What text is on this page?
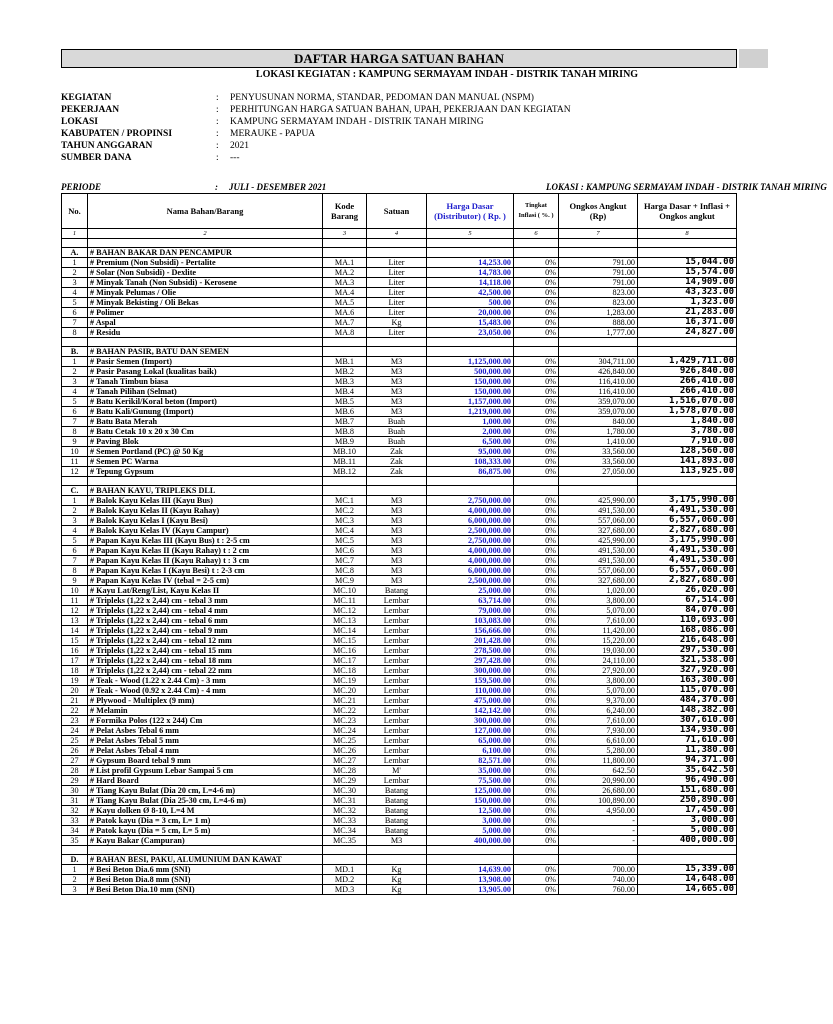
DAFTAR HARGA SATUAN BAHAN
LOKASI KEGIATAN : KAMPUNG SERMAYAM INDAH - DISTRIK TANAH MIRING
KEGIATAN	:	PENYUSUNAN NORMA, STANDAR, PEDOMAN DAN MANUAL (NSPM)
PEKERJAAN	:	PERHITUNGAN HARGA SATUAN BAHAN, UPAH, PEKERJAAN DAN KEGIATAN
LOKASI	:	KAMPUNG SERMAYAM INDAH - DISTRIK TANAH MIRING
KABUPATEN / PROPINSI	:	MERAUKE - PAPUA
TAHUN ANGGARAN	:	2021
SUMBER DANA	:	---
PERIODE	: JULI - DESEMBER 2021	LOKASI : KAMPUNG SERMAYAM INDAH - DISTRIK TANAH MIRING
No.	Nama Bahan/Barang	Kode Barang	Satuan	Harga Dasar (Distributor) ( Rp. )	Tingkat Inflasi ( %. )	Ongkos Angkut (Rp)	Harga Dasar + Inflasi + Ongkos angkut
1	2	3	4	5	6	7	8

A.	# BAHAN BAKAR DAN PENCAMPUR						
1	# Premium (Non Subsidi) - Pertalite	MA.1	Liter	14,253.00	0%	791.00	15,044.00
2	# Solar (Non Subsidi) - Dexlite	MA.2	Liter	14,783.00	0%	791.00	15,574.00
3	# Minyak Tanah (Non Subsidi) - Kerosene	MA.3	Liter	14,118.00	0%	791.00	14,909.00
4	# Minyak Pelumas / Olie	MA.4	Liter	42,500.00	0%	823.00	43,323.00
5	# Minyak Bekisting / Oli Bekas	MA.5	Liter	500.00	0%	823.00	1,323.00
6	# Polimer	MA.6	Liter	20,000.00	0%	1,283.00	21,283.00
7	# Aspal	MA.7	Kg	15,483.00	0%	888.00	16,371.00
8	# Residu	MA.8	Liter	23,050.00	0%	1,777.00	24,827.00

B.	# BAHAN PASIR, BATU DAN SEMEN						
1	# Pasir Semen (Import)	MB.1	M3	1,125,000.00	0%	304,711.00	1,429,711.00
2	# Pasir Pasang Lokal (kualitas baik)	MB.2	M3	500,000.00	0%	426,840.00	926,840.00
3	# Tanah Timbun biasa	MB.3	M3	150,000.00	0%	116,410.00	266,410.00
4	# Tanah Pilihan (Selmat)	MB.4	M3	150,000.00	0%	116,410.00	266,410.00
5	# Batu Kerikil/Koral beton (Import)	MB.5	M3	1,157,000.00	0%	359,070.00	1,516,070.00
6	# Batu Kali/Gunung (Import)	MB.6	M3	1,219,000.00	0%	359,070.00	1,578,070.00
7	# Batu Bata Merah	MB.7	Buah	1,000.00	0%	840.00	1,840.00
8	# Batu Cetak 10 x 20 x 30 Cm	MB.8	Buah	2,000.00	0%	1,780.00	3,780.00
9	# Paving Blok	MB.9	Buah	6,500.00	0%	1,410.00	7,910.00
10	# Semen Portland (PC) @ 50 Kg	MB.10	Zak	95,000.00	0%	33,560.00	128,560.00
11	# Semen PC Warna	MB.11	Zak	108,333.00	0%	33,560.00	141,893.00
12	# Tepung Gypsum	MB.12	Zak	86,875.00	0%	27,050.00	113,925.00

C.	# BAHAN KAYU, TRIPLEKS DLL						
1	# Balok Kayu Kelas III (Kayu Bus)	MC.1	M3	2,750,000.00	0%	425,990.00	3,175,990.00
2	# Balok Kayu Kelas II (Kayu Rahay)	MC.2	M3	4,000,000.00	0%	491,530.00	4,491,530.00
3	# Balok Kayu Kelas I (Kayu Besi)	MC.3	M3	6,000,000.00	0%	557,060.00	6,557,060.00
4	# Balok Kayu Kelas IV (Kayu Campur)	MC.4	M3	2,500,000.00	0%	327,680.00	2,827,680.00
5	# Papan Kayu Kelas III (Kayu Bus) t : 2-5 cm	MC.5	M3	2,750,000.00	0%	425,990.00	3,175,990.00
6	# Papan Kayu Kelas II (Kayu Rahay) t : 2 cm	MC.6	M3	4,000,000.00	0%	491,530.00	4,491,530.00
7	# Papan Kayu Kelas II (Kayu Rahay) t : 3 cm	MC.7	M3	4,000,000.00	0%	491,530.00	4,491,530.00
8	# Papan Kayu Kelas I (Kayu Besi) t : 2-3 cm	MC.8	M3	6,000,000.00	0%	557,060.00	6,557,060.00
9	# Papan Kayu Kelas IV (tebal = 2-5 cm)	MC.9	M3	2,500,000.00	0%	327,680.00	2,827,680.00
10	# Kayu Lat/Reng/List, Kayu Kelas II	MC.10	Batang	25,000.00	0%	1,020.00	26,020.00
11	# Tripleks (1,22 x 2,44) cm - tebal 3 mm	MC.11	Lembar	63,714.00	0%	3,800.00	67,514.00
12	# Tripleks (1,22 x 2,44) cm - tebal 4 mm	MC.12	Lembar	79,000.00	0%	5,070.00	84,070.00
13	# Tripleks (1,22 x 2,44) cm - tebal 6 mm	MC.13	Lembar	103,083.00	0%	7,610.00	110,693.00
14	# Tripleks (1,22 x 2,44) cm - tebal 9 mm	MC.14	Lembar	156,666.00	0%	11,420.00	168,086.00
15	# Tripleks (1,22 x 2,44) cm - tebal 12 mm	MC.15	Lembar	201,428.00	0%	15,220.00	216,648.00
16	# Tripleks (1,22 x 2,44) cm - tebal 15 mm	MC.16	Lembar	278,500.00	0%	19,030.00	297,530.00
17	# Tripleks (1,22 x 2,44) cm - tebal 18 mm	MC.17	Lembar	297,428.00	0%	24,110.00	321,538.00
18	# Tripleks (1,22 x 2,44) cm - tebal 22 mm	MC.18	Lembar	300,000.00	0%	27,920.00	327,920.00
19	# Teak - Wood (1.22 x 2.44 Cm) - 3 mm	MC.19	Lembar	159,500.00	0%	3,800.00	163,300.00
20	# Teak - Wood (0.92 x 2.44 Cm) - 4 mm	MC.20	Lembar	110,000.00	0%	5,070.00	115,070.00
21	# Plywood - Multiplex (9 mm)	MC.21	Lembar	475,000.00	0%	9,370.00	484,370.00
22	# Melamin	MC.22	Lembar	142,142.00	0%	6,240.00	148,382.00
23	# Formika Polos (122 x 244) Cm	MC.23	Lembar	300,000.00	0%	7,610.00	307,610.00
24	# Pelat Asbes Tebal 6 mm	MC.24	Lembar	127,000.00	0%	7,930.00	134,930.00
25	# Pelat Asbes Tebal 5 mm	MC.25	Lembar	65,000.00	0%	6,610.00	71,610.00
26	# Pelat Asbes Tebal 4 mm	MC.26	Lembar	6,100.00	0%	5,280.00	11,380.00
27	# Gypsum Board tebal 9 mm	MC.27	Lembar	82,571.00	0%	11,800.00	94,371.00
28	# List profil Gypsum Lebar Sampai 5 cm	MC.28	M'	35,000.00	0%	642.50	35,642.50
29	# Hard Board	MC.29	Lembar	75,500.00	0%	20,990.00	96,490.00
30	# Tiang Kayu Bulat (Dia 20 cm, L=4-6 m)	MC.30	Batang	125,000.00	0%	26,680.00	151,680.00
31	# Tiang Kayu Bulat (Dia 25-30 cm, L=4-6 m)	MC.31	Batang	150,000.00	0%	100,890.00	250,890.00
32	# Kayu dolken Ø 8-10, L=4 M	MC.32	Batang	12,500.00	0%	4,950.00	17,450.00
33	# Patok kayu (Dia = 3 cm, L= 1 m)	MC.33	Batang	3,000.00	0%	-	3,000.00
34	# Patok kayu (Dia = 5 cm, L= 5 m)	MC.34	Batang	5,000.00	0%	-	5,000.00
35	# Kayu Bakar (Campuran)	MC.35	M3	400,000.00	0%	-	400,000.00

D.	# BAHAN BESI, PAKU, ALUMUNIUM DAN KAWAT						
1	# Besi Beton Dia.6 mm (SNI)	MD.1	Kg	14,639.00	0%	700.00	15,339.00
2	# Besi Beton Dia.8 mm (SNI)	MD.2	Kg	13,908.00	0%	740.00	14,648.00
3	# Besi Beton Dia.10 mm (SNI)	MD.3	Kg	13,905.00	0%	760.00	14,665.00
